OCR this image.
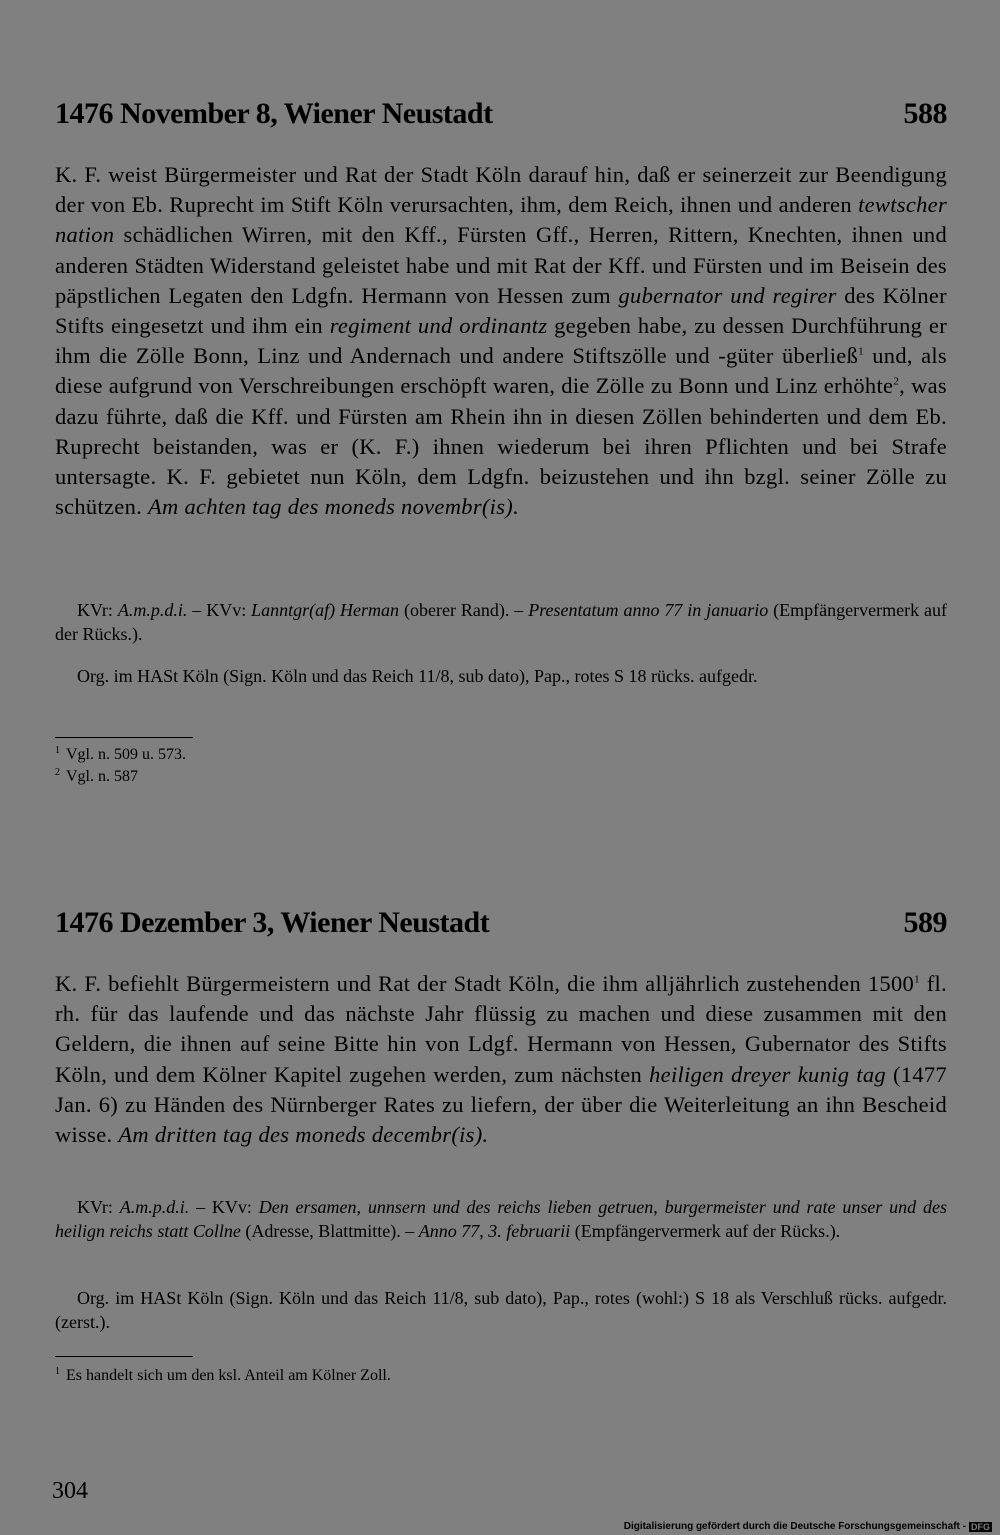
1476 November 8, Wiener Neustadt	588
K. F. weist Bürgermeister und Rat der Stadt Köln darauf hin, daß er seinerzeit zur Beendigung der von Eb. Ruprecht im Stift Köln verursachten, ihm, dem Reich, ihnen und anderen tewtscher nation schädlichen Wirren, mit den Kff., Fürsten Gff., Herren, Rittern, Knechten, ihnen und anderen Städten Widerstand geleistet habe und mit Rat der Kff. und Fürsten und im Beisein des päpstlichen Legaten den Ldgfn. Hermann von Hessen zum gubernator und regirer des Kölner Stifts eingesetzt und ihm ein regiment und ordinantz gegeben habe, zu dessen Durchführung er ihm die Zölle Bonn, Linz und Andernach und andere Stiftszölle und -güter überließ$^1$ und, als diese aufgrund von Verschreibungen erschöpft waren, die Zölle zu Bonn und Linz erhöhte$^2$, was dazu führte, daß die Kff. und Fürsten am Rhein ihn in diesen Zöllen behinderten und dem Eb. Ruprecht beistanden, was er (K. F.) ihnen wiederum bei ihren Pflichten und bei Strafe untersagte. K. F. gebietet nun Köln, dem Ldgfn. beizustehen und ihn bzgl. seiner Zölle zu schützen. Am achten tag des moneds novembr(is).
KVr: A.m.p.d.i. – KVv: Lanntgr(af) Herman (oberer Rand). – Presentatum anno 77 in januario (Empfängervermerk auf der Rücks.).
Org. im HASt Köln (Sign. Köln und das Reich 11/8, sub dato), Pap., rotes S 18 rücks. aufgedr.
$^1$ Vgl. n. 509 u. 573.
$^2$ Vgl. n. 587
1476 Dezember 3, Wiener Neustadt	589
K. F. befiehlt Bürgermeistern und Rat der Stadt Köln, die ihm alljährlich zustehenden 1500$^1$ fl. rh. für das laufende und das nächste Jahr flüssig zu machen und diese zusammen mit den Geldern, die ihnen auf seine Bitte hin von Ldgf. Hermann von Hessen, Gubernator des Stifts Köln, und dem Kölner Kapitel zugehen werden, zum nächsten heiligen dreyer kunig tag (1477 Jan. 6) zu Händen des Nürnberger Rates zu liefern, der über die Weiterleitung an ihn Bescheid wisse. Am dritten tag des moneds decembr(is).
KVr: A.m.p.d.i. – KVv: Den ersamen, unnsern und des reichs lieben getruen, burgermeister und rate unser und des heilign reichs statt Collne (Adresse, Blattmitte). – Anno 77, 3. februarii (Empfängervermerk auf der Rücks.).
Org. im HASt Köln (Sign. Köln und das Reich 11/8, sub dato), Pap., rotes (wohl:) S 18 als Verschluß rücks. aufgedr. (zerst.).
$^1$ Es handelt sich um den ksl. Anteil am Kölner Zoll.
304
Digitalisierung gefördert durch die Deutsche Forschungsgemeinschaft - DFG
